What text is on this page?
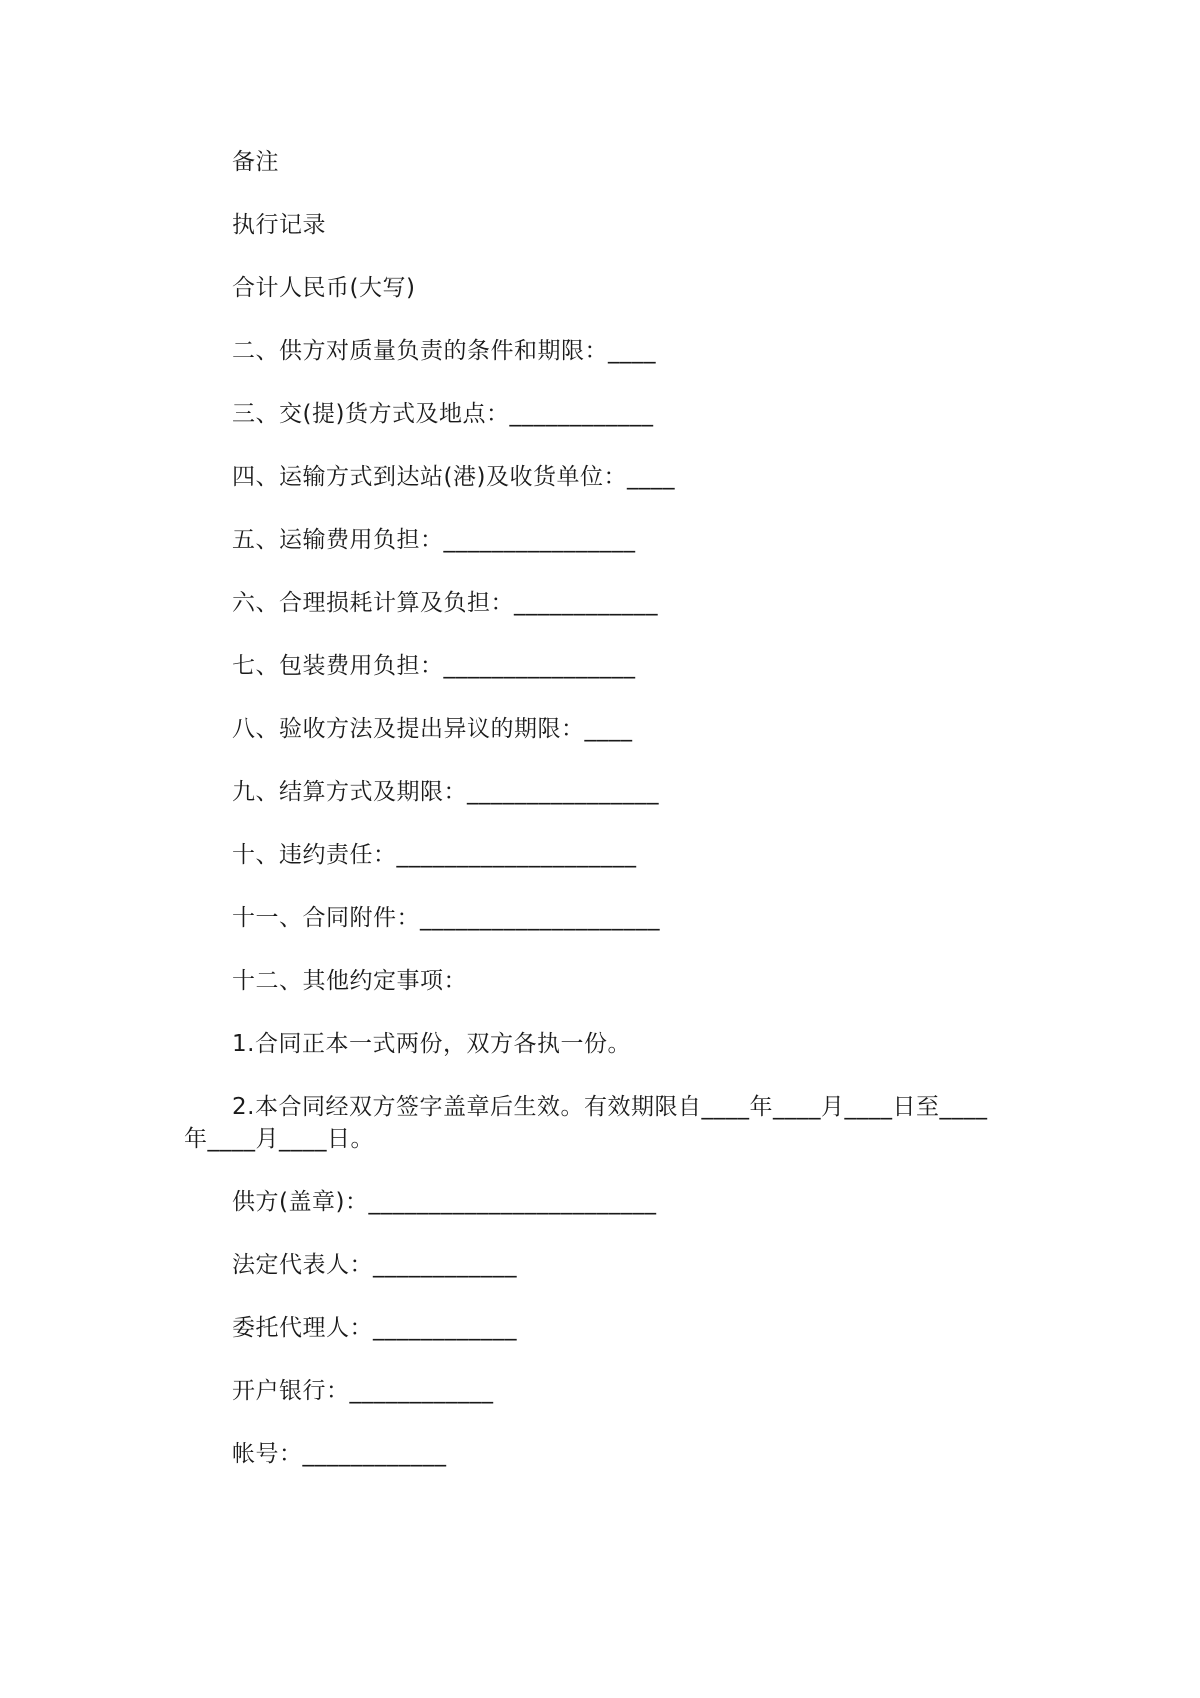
备注
执行记录
合计人民币(大写)
二、供方对质量负责的条件和期限：____
三、交(提)货方式及地点：____________
四、运输方式到达站(港)及收货单位：____
五、运输费用负担：________________
六、合理损耗计算及负担：____________
七、包装费用负担：________________
八、验收方法及提出异议的期限：____
九、结算方式及期限：________________
十、违约责任：____________________
十一、合同附件：____________________
十二、其他约定事项：
1.合同正本一式两份，双方各执一份。
2.本合同经双方签字盖章后生效。有效期限自____年____月____日至____
年____月____日。
供方(盖章)：________________________
法定代表人：____________
委托代理人：____________
开户银行：____________
帐号：____________
